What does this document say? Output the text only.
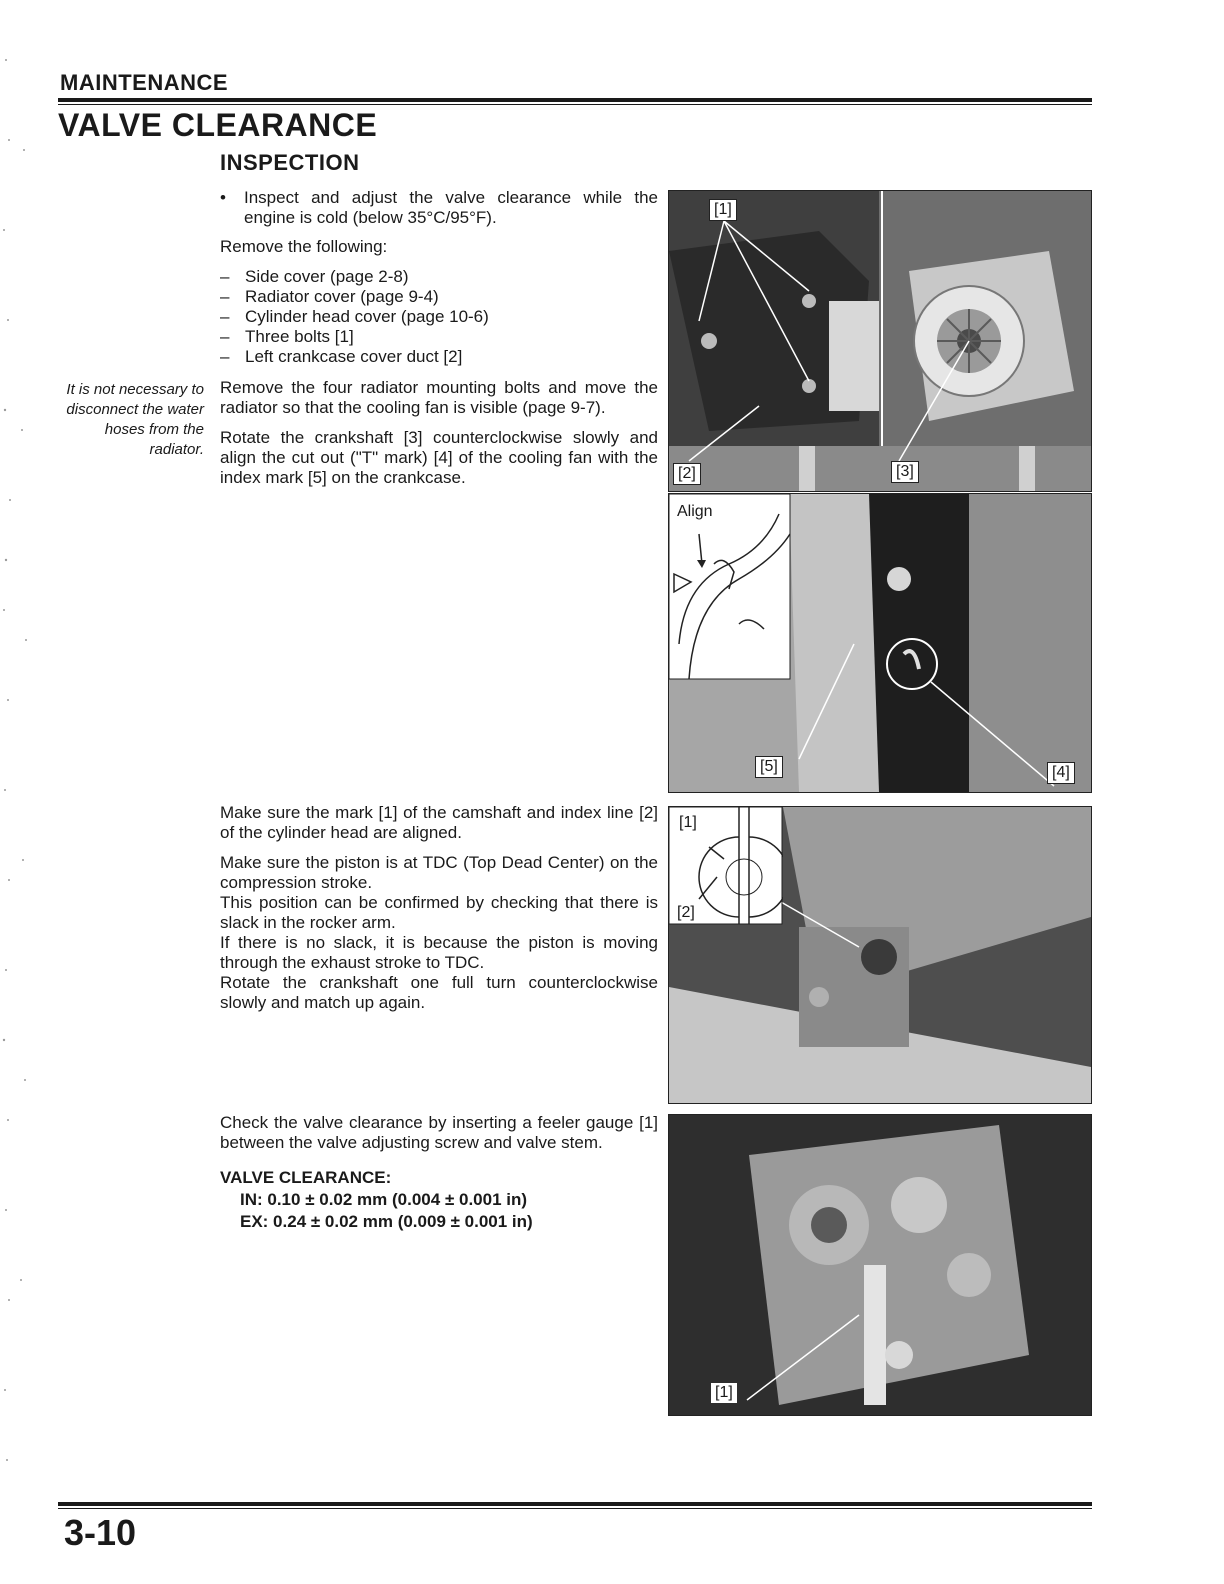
MAINTENANCE
VALVE CLEARANCE
INSPECTION
•	Inspect and adjust the valve clearance while the engine is cold (below 35°C/95°F).
Remove the following:
– Side cover (page 2-8)
– Radiator cover (page 9-4)
– Cylinder head cover (page 10-6)
– Three bolts [1]
– Left crankcase cover duct [2]
It is not necessary to disconnect the water hoses from the radiator.
Remove the four radiator mounting bolts and move the radiator so that the cooling fan is visible (page 9-7).
Rotate the crankshaft [3] counterclockwise slowly and align the cut out ("T" mark) [4] of the cooling fan with the index mark [5] on the crankcase.
Make sure the mark [1] of the camshaft and index line [2] of the cylinder head are aligned.
Make sure the piston is at TDC (Top Dead Center) on the compression stroke.
This position can be confirmed by checking that there is slack in the rocker arm.
If there is no slack, it is because the piston is moving through the exhaust stroke to TDC.
Rotate the crankshaft one full turn counterclockwise slowly and match up again.
Check the valve clearance by inserting a feeler gauge [1] between the valve adjusting screw and valve stem.
VALVE CLEARANCE:
IN: 0.10 ± 0.02 mm (0.004 ± 0.001 in)
EX: 0.24 ± 0.02 mm (0.009 ± 0.001 in)
[1]
[2]	[3]
Align
[5]	[4]
[1]
[2]
[1]
3-10
